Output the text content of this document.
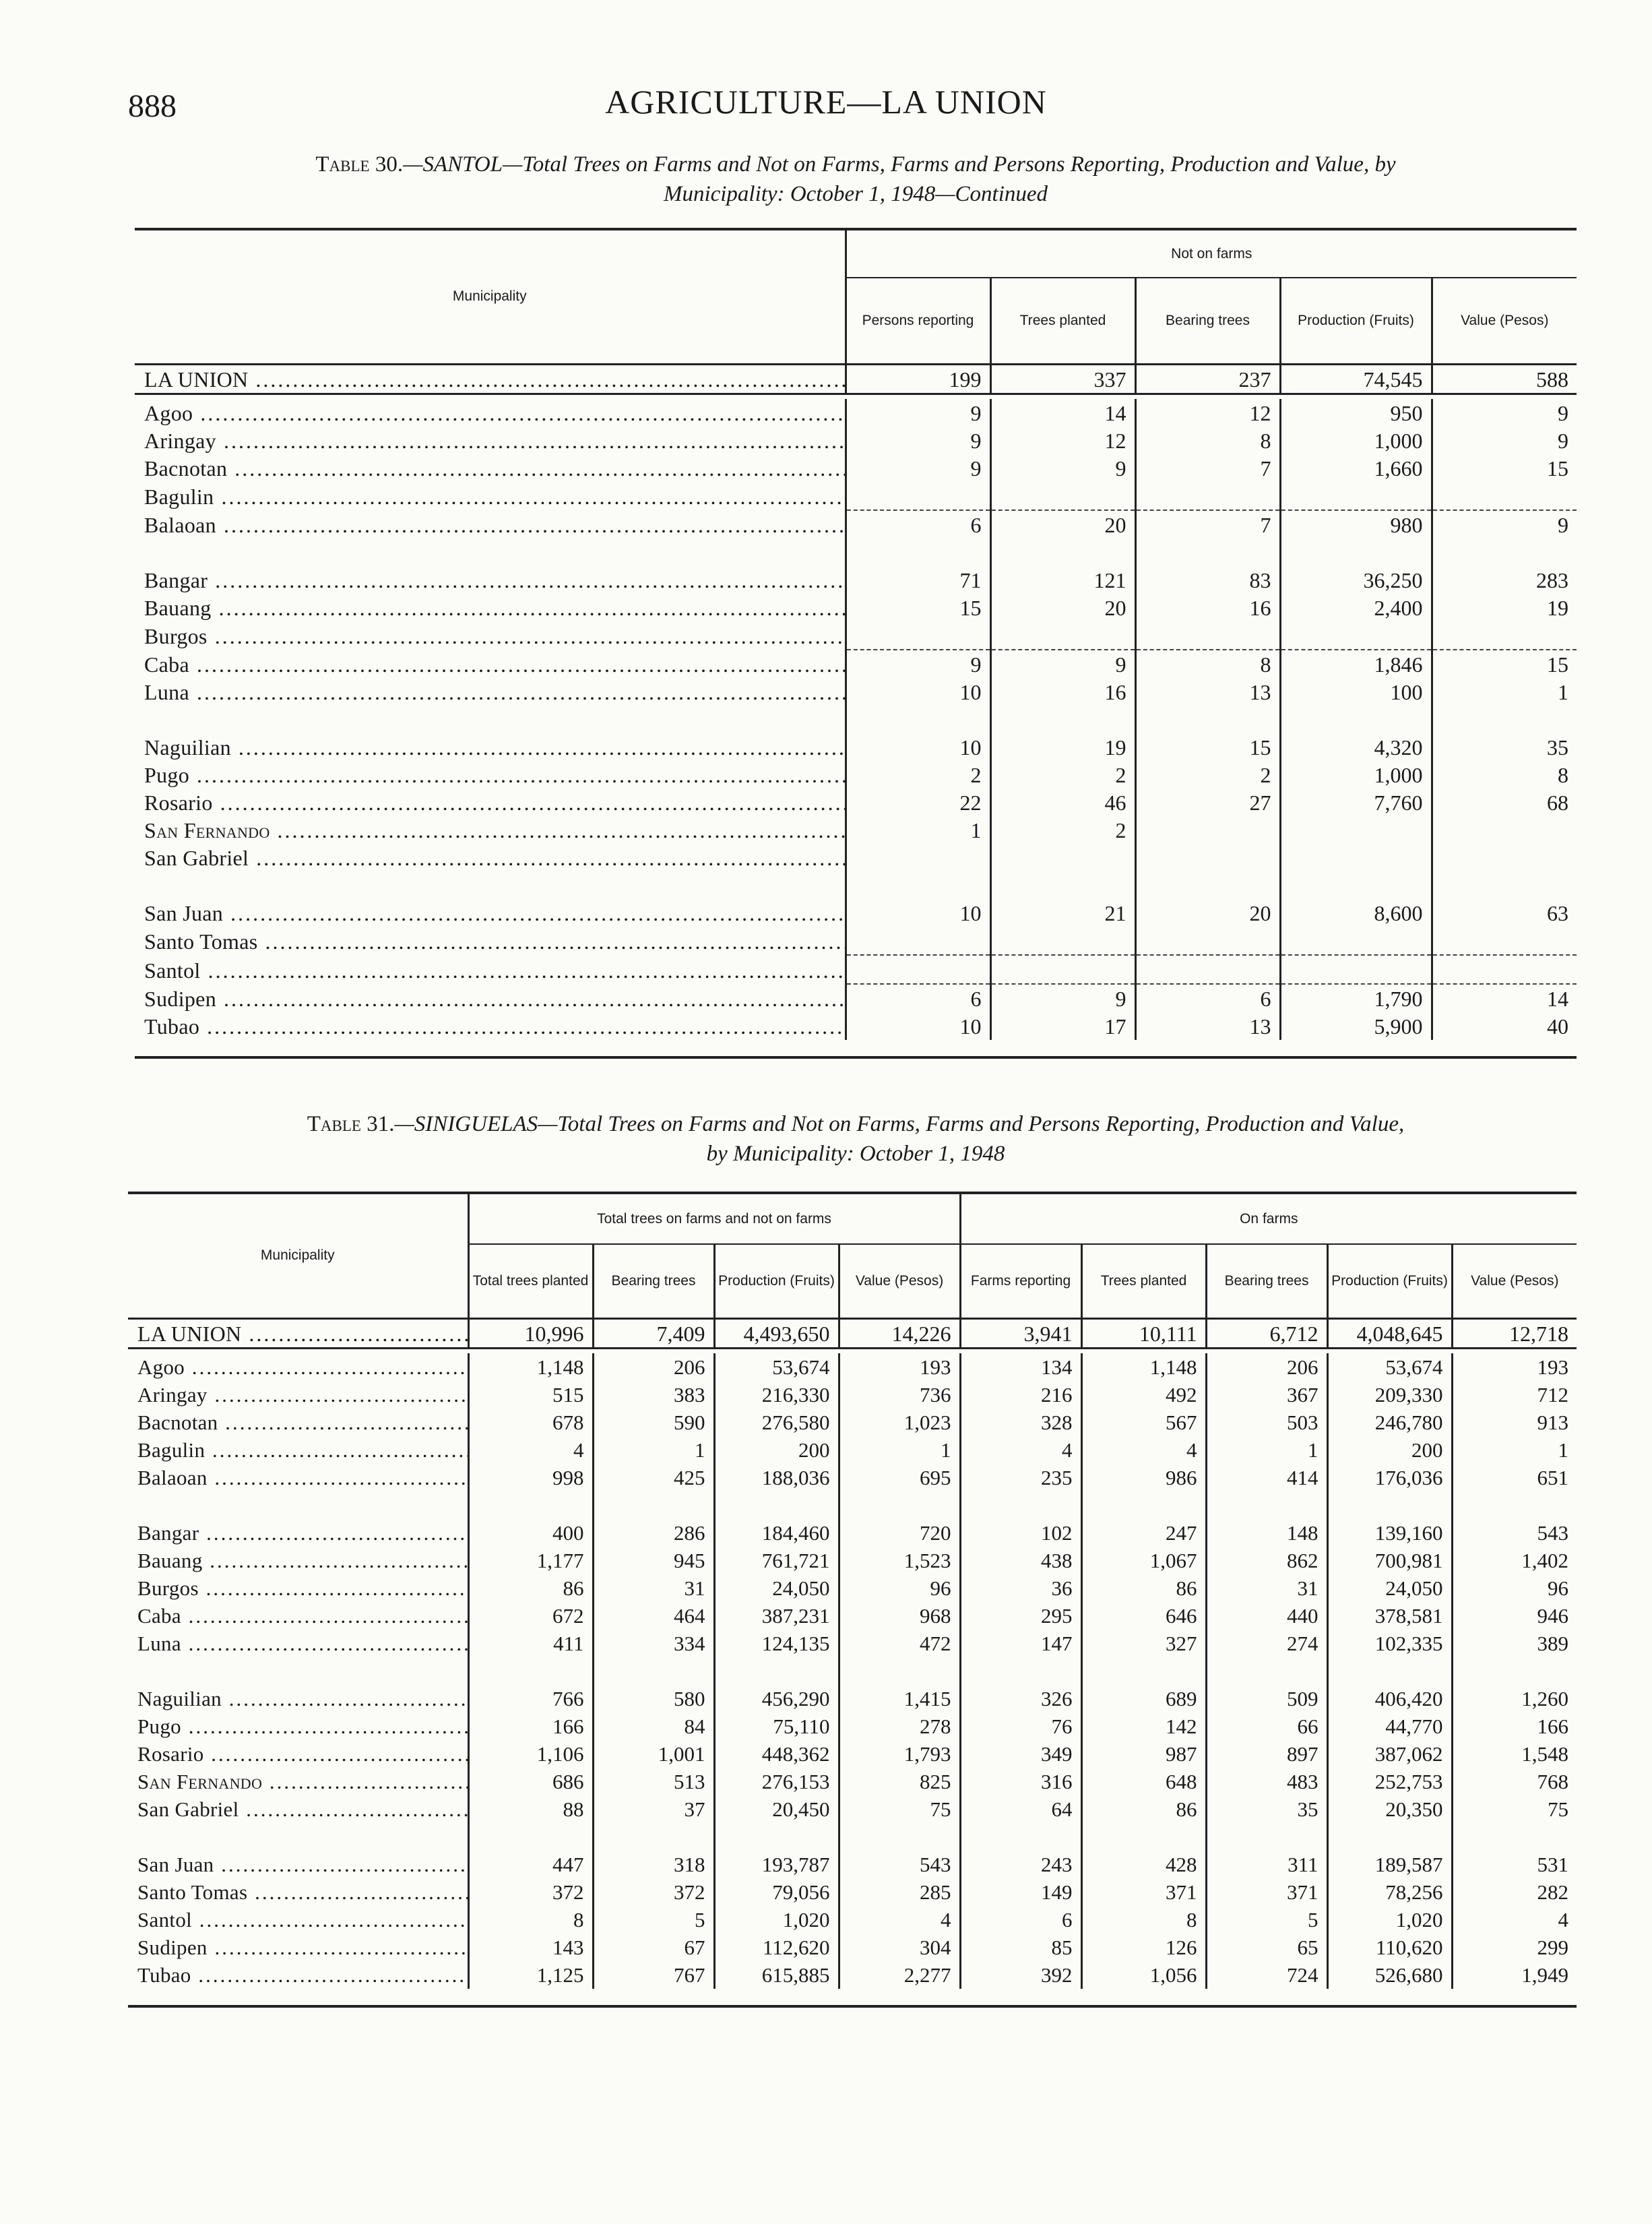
888	AGRICULTURE—LA UNION
Table 30.—SANTOL—Total Trees on Farms and Not on Farms, Farms and Persons Reporting, Production and Value, by
Municipality: October 1, 1948—Continued
Municipality	Not on farms				
	Persons reporting	Trees planted	Bearing trees	Production (Fruits)	Value (Pesos)
LA UNION .....	199	337	237	74,545	588

Agoo .....	9	14	12	950	9
Aringay .....	9	12	8	1,000	9
Bacnotan .....	9	9	7	1,660	15
Bagulin .....					
Balaoan .....	6	20	7	980	9

Bangar .....	71	121	83	36,250	283
Bauang .....	15	20	16	2,400	19
Burgos .....					
Caba .....	9	9	8	1,846	15
Luna .....	10	16	13	100	1

Naguilian .....	10	19	15	4,320	35
Pugo .....	2	2	2	1,000	8
Rosario .....	22	46	27	7,760	68
San Fernando .....	1	2			
San Gabriel .....					

San Juan .....	10	21	20	8,600	63
Santo Tomas .....					
Santol .....					
Sudipen .....	6	9	6	1,790	14
Tubao .....	10	17	13	5,900	40

Table 31.—SINIGUELAS—Total Trees on Farms and Not on Farms, Farms and Persons Reporting, Production and Value,
by Municipality: October 1, 1948
Municipality	Total trees on farms and not on farms				On farms				
	Total trees planted	Bearing trees	Production (Fruits)	Value (Pesos)	Farms reporting	Trees planted	Bearing trees	Production (Fruits)	Value (Pesos)
LA UNION .....	10,996	7,409	4,493,650	14,226	3,941	10,111	6,712	4,048,645	12,718

Agoo .....	1,148	206	53,674	193	134	1,148	206	53,674	193
Aringay .....	515	383	216,330	736	216	492	367	209,330	712
Bacnotan .....	678	590	276,580	1,023	328	567	503	246,780	913
Bagulin .....	4	1	200	1	4	4	1	200	1
Balaoan .....	998	425	188,036	695	235	986	414	176,036	651

Bangar .....	400	286	184,460	720	102	247	148	139,160	543
Bauang .....	1,177	945	761,721	1,523	438	1,067	862	700,981	1,402
Burgos .....	86	31	24,050	96	36	86	31	24,050	96
Caba .....	672	464	387,231	968	295	646	440	378,581	946
Luna .....	411	334	124,135	472	147	327	274	102,335	389

Naguilian .....	766	580	456,290	1,415	326	689	509	406,420	1,260
Pugo .....	166	84	75,110	278	76	142	66	44,770	166
Rosario .....	1,106	1,001	448,362	1,793	349	987	897	387,062	1,548
San Fernando .....	686	513	276,153	825	316	648	483	252,753	768
San Gabriel .....	88	37	20,450	75	64	86	35	20,350	75

San Juan .....	447	318	193,787	543	243	428	311	189,587	531
Santo Tomas .....	372	372	79,056	285	149	371	371	78,256	282
Santol .....	8	5	1,020	4	6	8	5	1,020	4
Sudipen .....	143	67	112,620	304	85	126	65	110,620	299
Tubao .....	1,125	767	615,885	2,277	392	1,056	724	526,680	1,949
